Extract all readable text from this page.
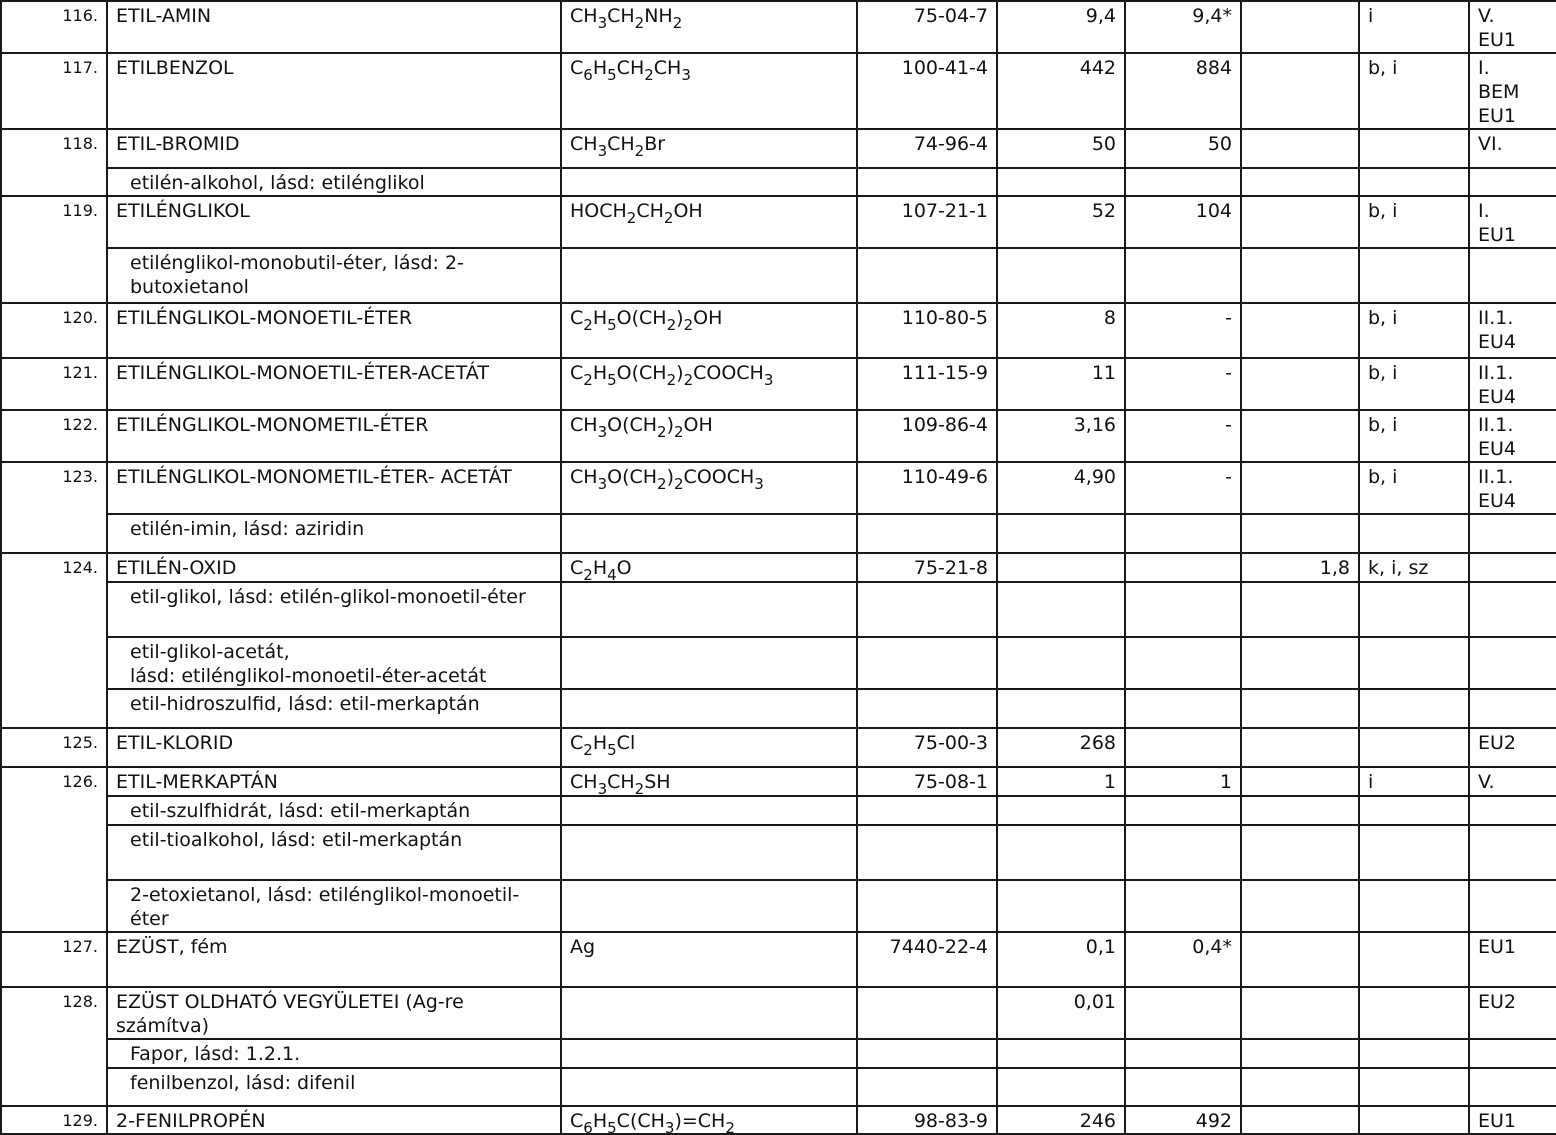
116.	ETIL-AMIN	$CH_3CH_2NH_2$	75-04-7	9,4	9,4*		i	V.
EU1
117.	ETILBENZOL	$C_6H_5CH_2CH_3$	100-41-4	442	884		b, i	I.
BEM
EU1
118.	ETIL-BROMID	$CH_3CH_2Br$	74-96-4	50	50			VI.
	etilén-alkohol, lásd: etilénglikol							
119.	ETILÉNGLIKOL	$HOCH_2CH_2OH$	107-21-1	52	104		b, i	I.
EU1
	etilénglikol-monobutil-éter, lásd: 2-
butoxietanol							
120.	ETILÉNGLIKOL-MONOETIL-ÉTER	$C_2H_5O(CH_2)_2OH$	110-80-5	8	-		b, i	II.1.
EU4
121.	ETILÉNGLIKOL-MONOETIL-ÉTER-ACETÁT	$C_2H_5O(CH_2)_2COOCH_3$	111-15-9	11	-		b, i	II.1.
EU4
122.	ETILÉNGLIKOL-MONOMETIL-ÉTER	$CH_3O(CH_2)_2OH$	109-86-4	3,16	-		b, i	II.1.
EU4
123.	ETILÉNGLIKOL-MONOMETIL-ÉTER- ACETÁT	$CH_3O(CH_2)_2COOCH_3$	110-49-6	4,90	-		b, i	II.1.
EU4
	etilén-imin, lásd: aziridin							
124.	ETILÉN-OXID	$C_2H_4O$	75-21-8			1,8	k, i, sz	
	etil-glikol, lásd: etilén-glikol-monoetil-éter							
	etil-glikol-acetát,
lásd: etilénglikol-monoetil-éter-acetát							
	etil-hidroszulfid, lásd: etil-merkaptán							
125.	ETIL-KLORID	$C_2H_5Cl$	75-00-3	268				EU2
126.	ETIL-MERKAPTÁN	$CH_3CH_2SH$	75-08-1	1	1		i	V.
	etil-szulfhidrát, lásd: etil-merkaptán							
	etil-tioalkohol, lásd: etil-merkaptán							
	2-etoxietanol, lásd: etilénglikol-monoetil-
éter							
127.	EZÜST, fém	Ag	7440-22-4	0,1	0,4*			EU1
128.	EZÜST OLDHATÓ VEGYÜLETEI (Ag-re
számítva)			0,01				EU2
	Fapor, lásd: 1.2.1.							
	fenilbenzol, lásd: difenil							
129.	2-FENILPROPÉN	$C_6H_5C(CH_3)=CH_2$	98-83-9	246	492			EU1
